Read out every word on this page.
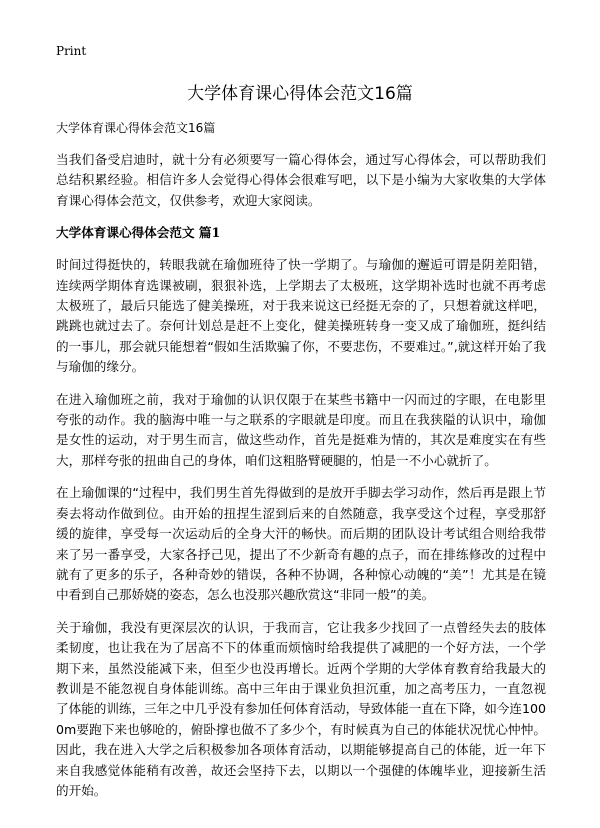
Print
大学体育课心得体会范文16篇
大学体育课心得体会范文16篇

当我们备受启迪时，就十分有必须要写一篇心得体会，通过写心得体会，可以帮助我们总结积累经验。相信许多人会觉得心得体会很难写吧，以下是小编为大家收集的大学体育课心得体会范文，仅供参考，欢迎大家阅读。

大学体育课心得体会范文 篇1

时间过得挺快的，转眼我就在瑜伽班待了快一学期了。与瑜伽的邂逅可谓是阴差阳错，连续两学期体育选课被刷，狠狠补选，上学期去了太极班，这学期补选时也就不再考虑太极班了，最后只能选了健美操班，对于我来说这已经挺无奈的了，只想着就这样吧，跳跳也就过去了。奈何计划总是赶不上变化，健美操班转身一变又成了瑜伽班，挺纠结的一事儿，那会就只能想着“假如生活欺骗了你，不要悲伤，不要难过。”,就这样开始了我与瑜伽的缘分。

在进入瑜伽班之前，我对于瑜伽的认识仅限于在某些书籍中一闪而过的字眼，在电影里夸张的动作。我的脑海中唯一与之联系的字眼就是印度。而且在我狭隘的认识中，瑜伽是女性的运动，对于男生而言，做这些动作，首先是挺难为情的，其次是难度实在有些大，那样夸张的扭曲自己的身体，咱们这粗胳臂硬腿的，怕是一不小心就折了。

在上瑜伽课的“过程中，我们男生首先得做到的是放开手脚去学习动作，然后再是跟上节奏去将动作做到位。由开始的扭捏生涩到后来的自然随意，我享受这个过程，享受那舒缓的旋律，享受每一次运动后的全身大汗的畅快。而后期的团队设计考试组合则给我带来了另一番享受，大家各抒己见，提出了不少新奇有趣的点子，而在排练修改的过程中就有了更多的乐子，各种奇妙的错误，各种不协调，各种惊心动魄的“美”！尤其是在镜中看到自己那娇娆的姿态，怎么也没那兴趣欣赏这“非同一般”的美。

关于瑜伽，我没有更深层次的认识，于我而言，它让我多少找回了一点曾经失去的肢体柔韧度，也让我在为了居高不下的体重而烦恼时给我提供了减肥的一个好方法，一个学期下来，虽然没能减下来，但至少也没再增长。近两个学期的大学体育教育给我最大的教训是不能忽视自身体能训练。高中三年由于课业负担沉重，加之高考压力，一直忽视了体能的训练，三年之中几乎没有参加任何体育活动，导致体能一直在下降，如今连1000m要跑下来也够呛的，俯卧撑也做不了多少个，有时候真为自己的体能状况忧心忡忡。因此，我在进入大学之后积极参加各项体育活动，以期能够提高自己的体能，近一年下来自我感觉体能稍有改善，故还会坚持下去，以期以一个强健的体魄毕业，迎接新生活的开始。
